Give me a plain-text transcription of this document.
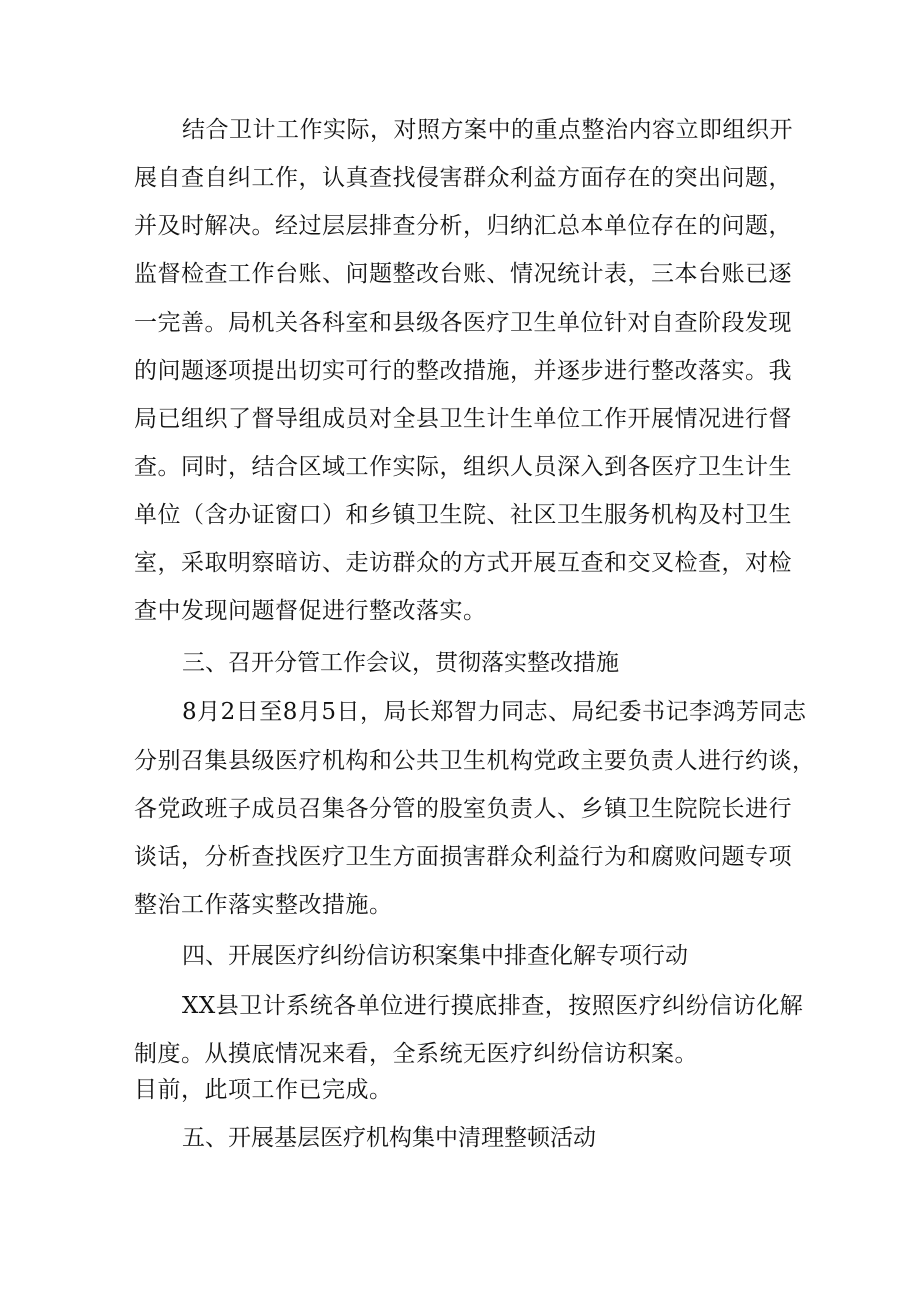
结合卫计工作实际，对照方案中的重点整治内容立即组织开

展自查自纠工作，认真查找侵害群众利益方面存在的突出问题，

并及时解决。经过层层排查分析，归纳汇总本单位存在的问题，

监督检查工作台账、问题整改台账、情况统计表，三本台账已逐

一完善。局机关各科室和县级各医疗卫生单位针对自查阶段发现

的问题逐项提出切实可行的整改措施，并逐步进行整改落实。我

局已组织了督导组成员对全县卫生计生单位工作开展情况进行督

查。同时，结合区域工作实际，组织人员深入到各医疗卫生计生

单位（含办证窗口）和乡镇卫生院、社区卫生服务机构及村卫生

室，采取明察暗访、走访群众的方式开展互查和交叉检查，对检

查中发现问题督促进行整改落实。

三、召开分管工作会议，贯彻落实整改措施

8月2日至8月5日，局长郑智力同志、局纪委书记李鸿芳同志

分别召集县级医疗机构和公共卫生机构党政主要负责人进行约谈，

各党政班子成员召集各分管的股室负责人、乡镇卫生院院长进行

谈话，分析查找医疗卫生方面损害群众利益行为和腐败问题专项

整治工作落实整改措施。

四、开展医疗纠纷信访积案集中排查化解专项行动

XX县卫计系统各单位进行摸底排查，按照医疗纠纷信访化解

制度。从摸底情况来看，全系统无医疗纠纷信访积案。

目前，此项工作已完成。

五、开展基层医疗机构集中清理整顿活动
